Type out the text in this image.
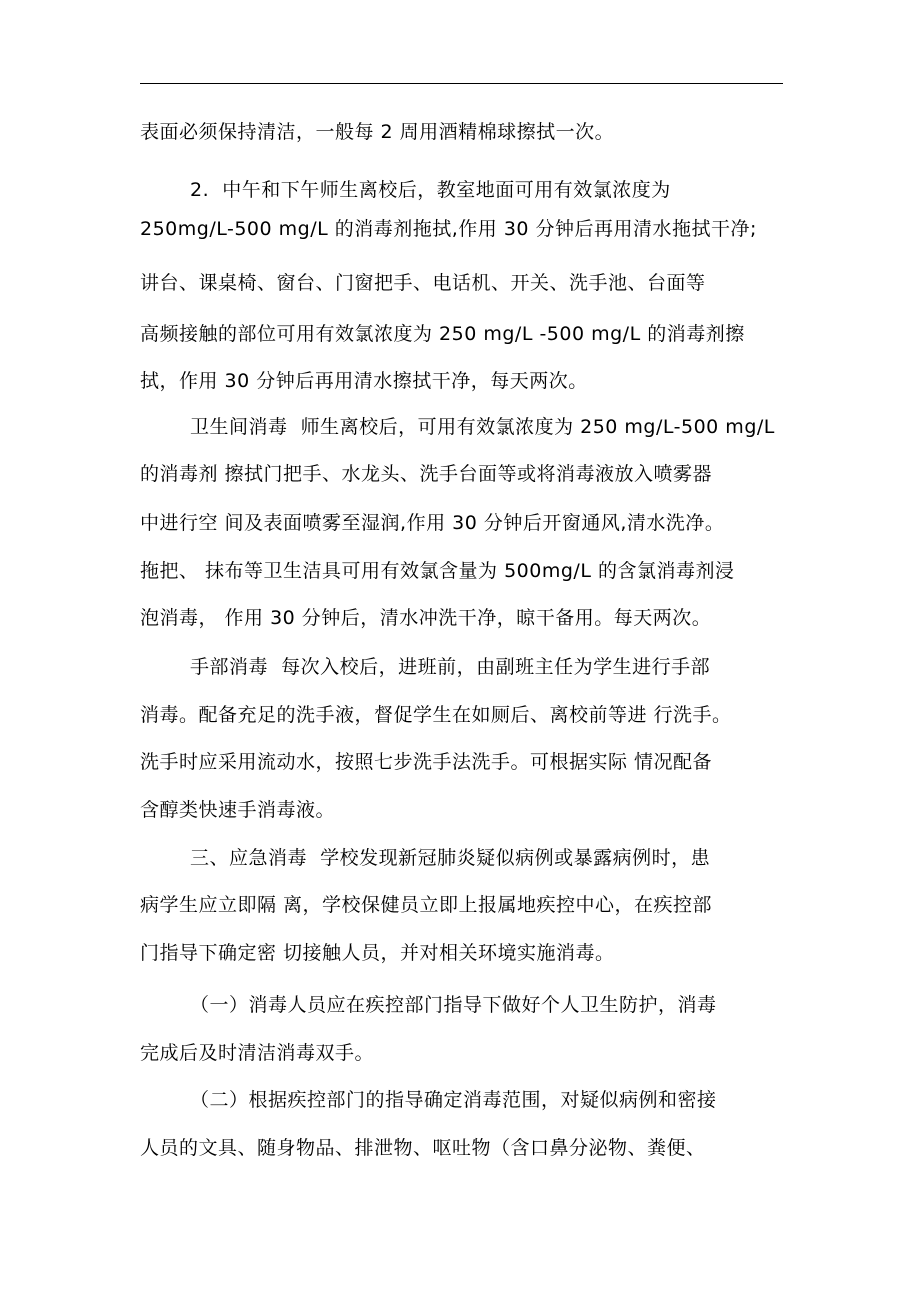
表面必须保持清洁，一般每 2 周用酒精棉球擦拭一次。
2.  中午和下午师生离校后，教室地面可用有效氯浓度为
250mg/L-500 mg/L 的消毒剂拖拭,作用 30 分钟后再用清水拖拭干净;
讲台、课桌椅、窗台、门窗把手、电话机、开关、洗手池、台面等
高频接触的部位可用有效氯浓度为 250 mg/L -500 mg/L 的消毒剂擦
拭，作用 30 分钟后再用清水擦拭干净，每天两次。
卫生间消毒  师生离校后，可用有效氯浓度为 250 mg/L-500 mg/L
的消毒剂 擦拭门把手、水龙头、洗手台面等或将消毒液放入喷雾器
中进行空 间及表面喷雾至湿润,作用 30 分钟后开窗通风,清水洗净。
拖把、 抹布等卫生洁具可用有效氯含量为 500mg/L 的含氯消毒剂浸
泡消毒， 作用 30 分钟后，清水冲洗干净，晾干备用。每天两次。
手部消毒  每次入校后，进班前，由副班主任为学生进行手部
消毒。配备充足的洗手液，督促学生在如厕后、离校前等进 行洗手。
洗手时应采用流动水，按照七步洗手法洗手。可根据实际 情况配备
含醇类快速手消毒液。
三、应急消毒  学校发现新冠肺炎疑似病例或暴露病例时，患
病学生应立即隔 离，学校保健员立即上报属地疾控中心，在疾控部
门指导下确定密 切接触人员，并对相关环境实施消毒。
（一）消毒人员应在疾控部门指导下做好个人卫生防护，消毒
完成后及时清洁消毒双手。
（二）根据疾控部门的指导确定消毒范围，对疑似病例和密接
人员的文具、随身物品、排泄物、呕吐物（含口鼻分泌物、粪便、
